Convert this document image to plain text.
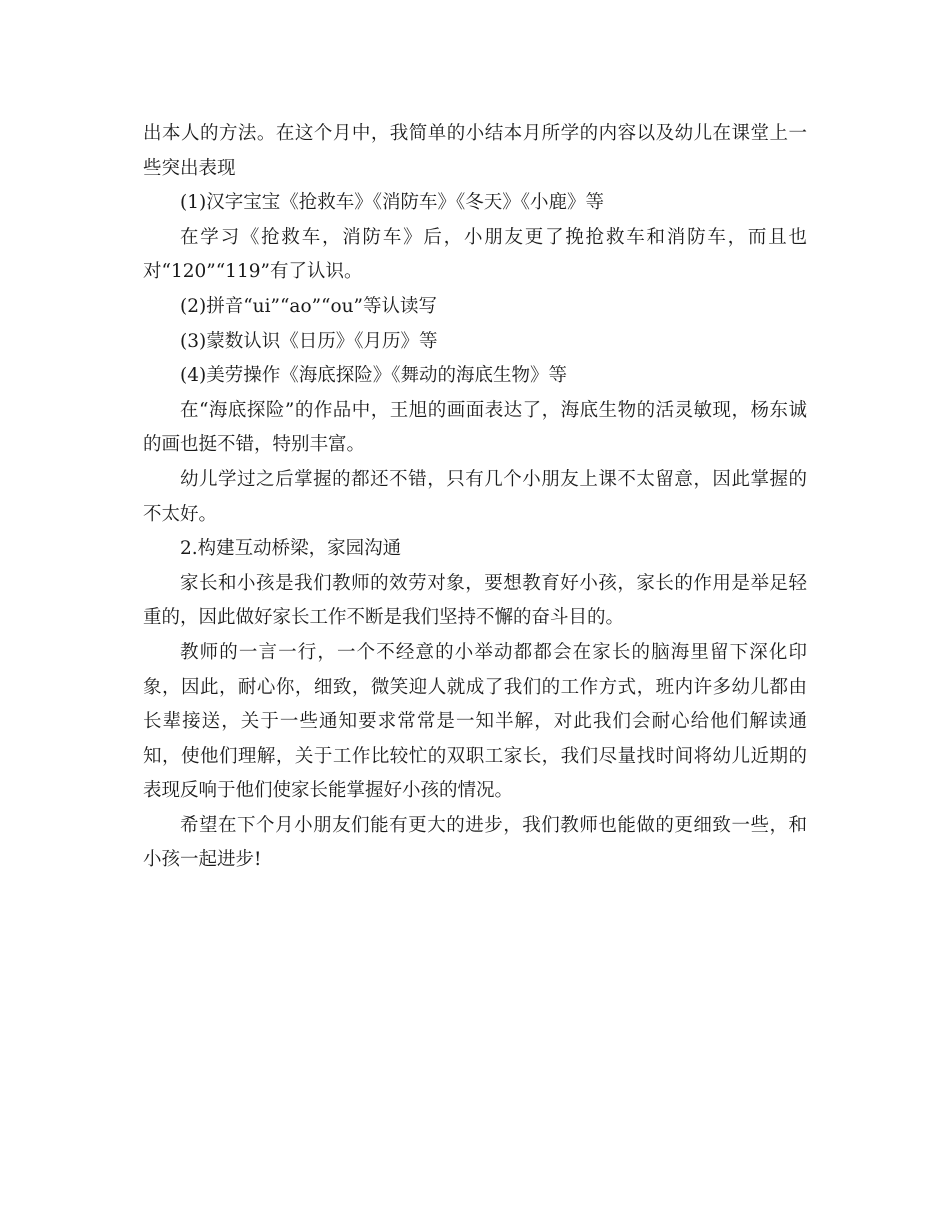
出本人的方法。在这个月中，我简单的小结本月所学的内容以及幼儿在课堂上一些突出表现

(1)汉字宝宝《抢救车》《消防车》《冬天》《小鹿》等

在学习《抢救车，消防车》后，小朋友更了挽抢救车和消防车，而且也对“120”“119”有了认识。

(2)拼音“ui”“ao”“ou”等认读写

(3)蒙数认识《日历》《月历》等

(4)美劳操作《海底探险》《舞动的海底生物》等

在“海底探险”的作品中，王旭的画面表达了，海底生物的活灵敏现，杨东诚的画也挺不错，特别丰富。

幼儿学过之后掌握的都还不错，只有几个小朋友上课不太留意，因此掌握的不太好。

2.构建互动桥梁，家园沟通

家长和小孩是我们教师的效劳对象，要想教育好小孩，家长的作用是举足轻重的，因此做好家长工作不断是我们坚持不懈的奋斗目的。

教师的一言一行，一个不经意的小举动都都会在家长的脑海里留下深化印象，因此，耐心你，细致，微笑迎人就成了我们的工作方式，班内许多幼儿都由长辈接送，关于一些通知要求常常是一知半解，对此我们会耐心给他们解读通知，使他们理解，关于工作比较忙的双职工家长，我们尽量找时间将幼儿近期的表现反响于他们使家长能掌握好小孩的情况。

希望在下个月小朋友们能有更大的进步，我们教师也能做的更细致一些，和小孩一起进步!
